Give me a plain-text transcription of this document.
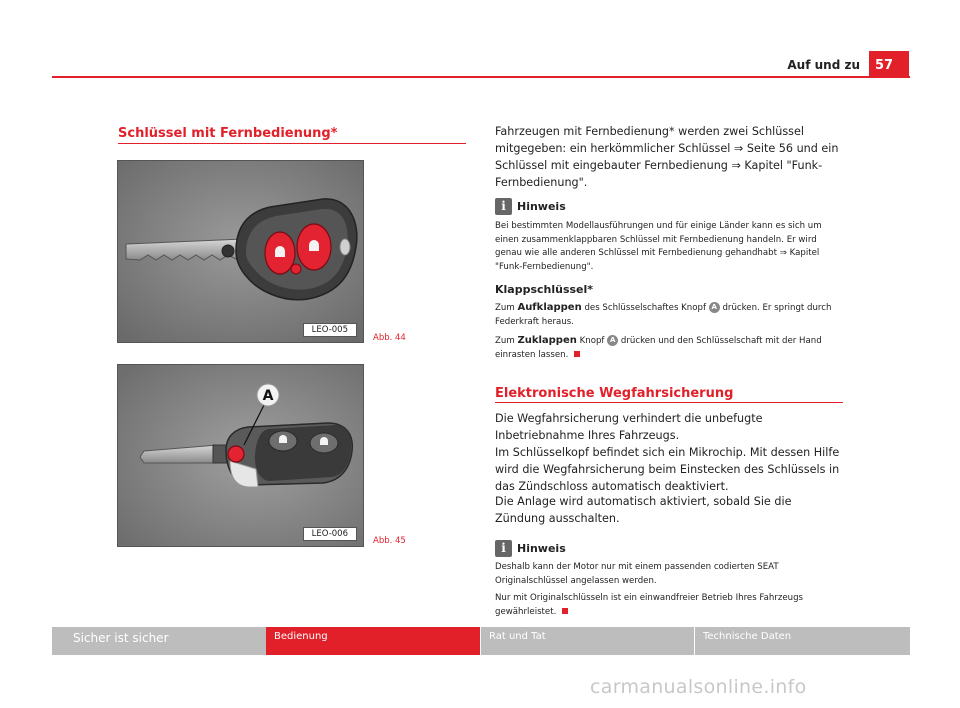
Auf und zu	57
Schlüssel mit Fernbedienung*
LEO-005
Abb. 44
A
LEO-006
Abb. 45
Fahrzeugen mit Fernbedienung* werden zwei Schlüssel mitgegeben: ein herkömmlicher Schlüssel ⇒ Seite 56 und ein Schlüssel mit eingebauter Fernbedienung ⇒ Kapitel "Funk-Fernbedienung".
i	Hinweis
Bei bestimmten Modellausführungen und für einige Länder kann es sich um einen zusammenklappbaren Schlüssel mit Fernbedienung handeln. Er wird genau wie alle anderen Schlüssel mit Fernbedienung gehandhabt ⇒ Kapitel "Funk-Fernbedienung".
Klappschlüssel*
Zum Aufklappen des Schlüsselschaftes Knopf A drücken. Er springt durch Federkraft heraus.
Zum Zuklappen Knopf A drücken und den Schlüsselschaft mit der Hand einrasten lassen.
Elektronische Wegfahrsicherung
Die Wegfahrsicherung verhindert die unbefugte Inbetriebnahme Ihres Fahrzeugs.
Im Schlüsselkopf befindet sich ein Mikrochip. Mit dessen Hilfe wird die Wegfahrsicherung beim Einstecken des Schlüssels in das Zündschloss automatisch deaktiviert.
Die Anlage wird automatisch aktiviert, sobald Sie die Zündung ausschalten.
i	Hinweis
Deshalb kann der Motor nur mit einem passenden codierten SEAT Originalschlüssel angelassen werden.
Nur mit Originalschlüsseln ist ein einwandfreier Betrieb Ihres Fahrzeugs gewährleistet.
Sicher ist sicher	Bedienung	Rat und Tat	Technische Daten
carmanualsonline.info
